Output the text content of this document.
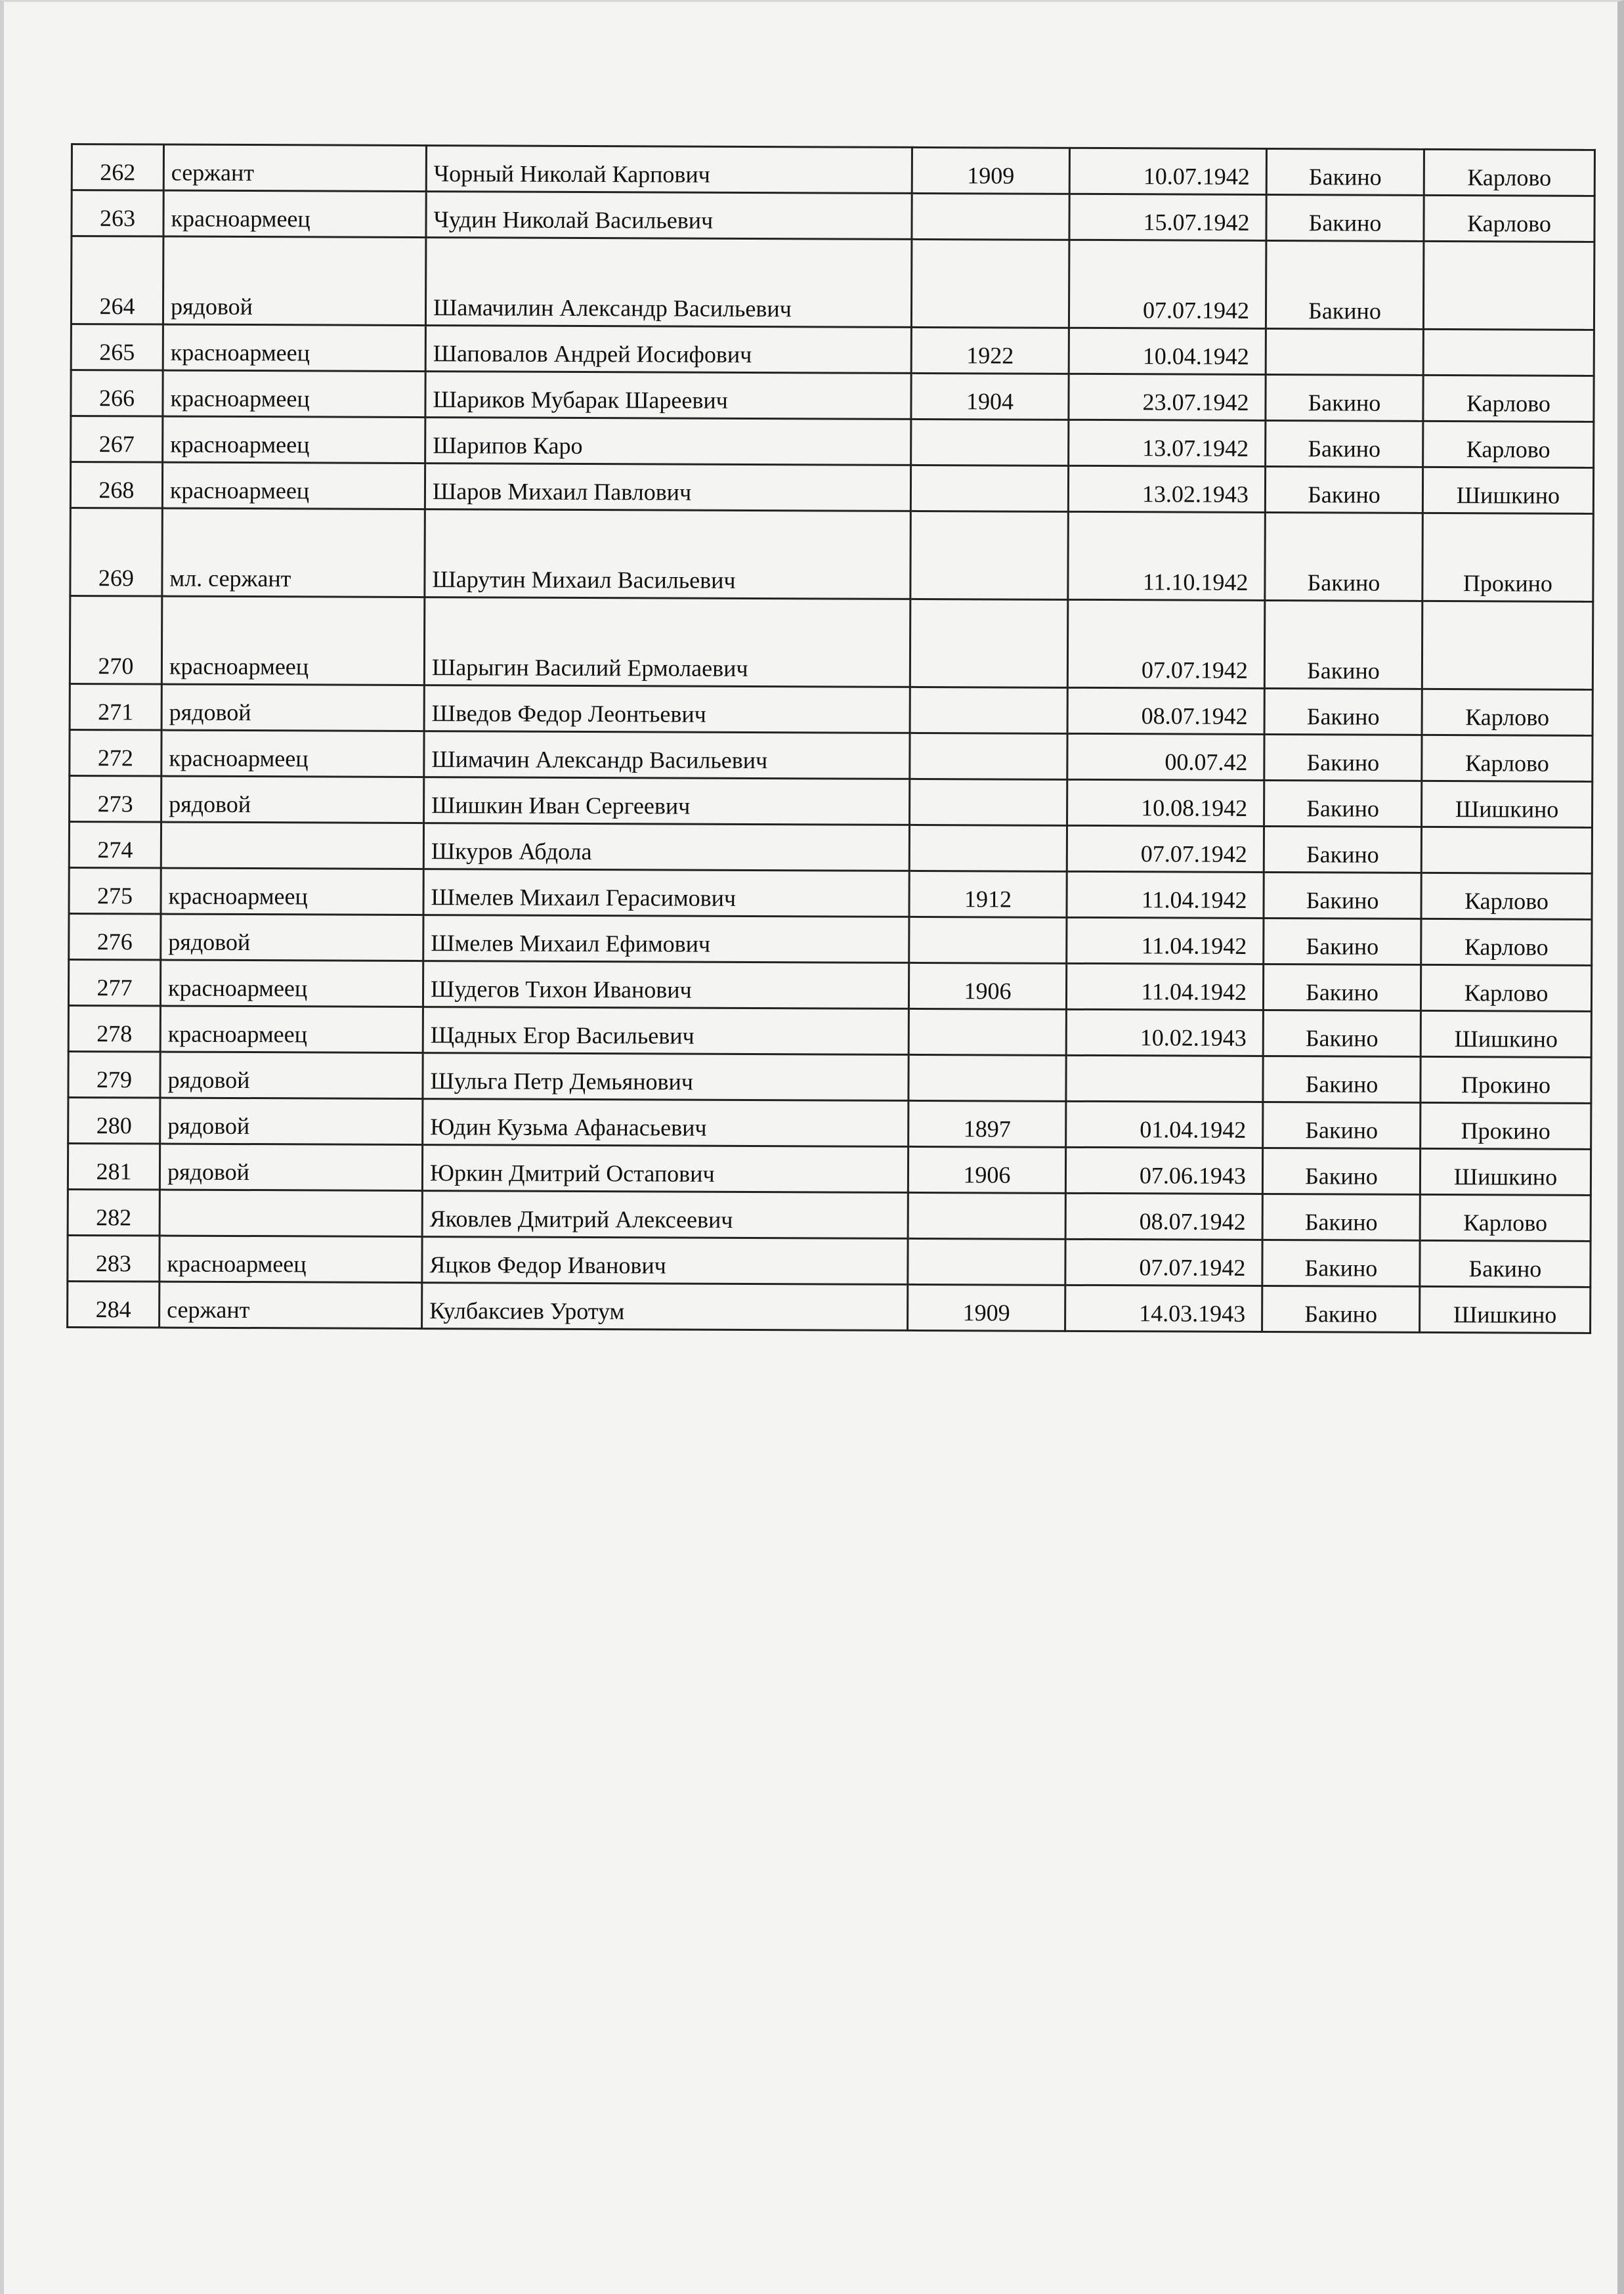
262	сержант	Чорный Николай Карпович	1909	10.07.1942	Бакино	Карлово
263	красноармеец	Чудин Николай Васильевич		15.07.1942	Бакино	Карлово
264	рядовой	Шамачилин Александр Васильевич		07.07.1942	Бакино	
265	красноармеец	Шаповалов Андрей Иосифович	1922	10.04.1942		
266	красноармеец	Шариков Мубарак Шареевич	1904	23.07.1942	Бакино	Карлово
267	красноармеец	Шарипов Каро		13.07.1942	Бакино	Карлово
268	красноармеец	Шаров Михаил Павлович		13.02.1943	Бакино	Шишкино
269	мл. сержант	Шарутин Михаил Васильевич		11.10.1942	Бакино	Прокино
270	красноармеец	Шарыгин Василий Ермолаевич		07.07.1942	Бакино	
271	рядовой	Шведов Федор Леонтьевич		08.07.1942	Бакино	Карлово
272	красноармеец	Шимачин Александр Васильевич		00.07.42	Бакино	Карлово
273	рядовой	Шишкин Иван Сергеевич		10.08.1942	Бакино	Шишкино
274		Шкуров Абдола		07.07.1942	Бакино	
275	красноармеец	Шмелев Михаил Герасимович	1912	11.04.1942	Бакино	Карлово
276	рядовой	Шмелев Михаил Ефимович		11.04.1942	Бакино	Карлово
277	красноармеец	Шудегов Тихон Иванович	1906	11.04.1942	Бакино	Карлово
278	красноармеец	Щадных Егор Васильевич		10.02.1943	Бакино	Шишкино
279	рядовой	Шульга Петр Демьянович			Бакино	Прокино
280	рядовой	Юдин Кузьма Афанасьевич	1897	01.04.1942	Бакино	Прокино
281	рядовой	Юркин Дмитрий Остапович	1906	07.06.1943	Бакино	Шишкино
282		Яковлев Дмитрий Алексеевич		08.07.1942	Бакино	Карлово
283	красноармеец	Яцков Федор Иванович		07.07.1942	Бакино	Бакино
284	сержант	Кулбаксиев Уротум	1909	14.03.1943	Бакино	Шишкино
